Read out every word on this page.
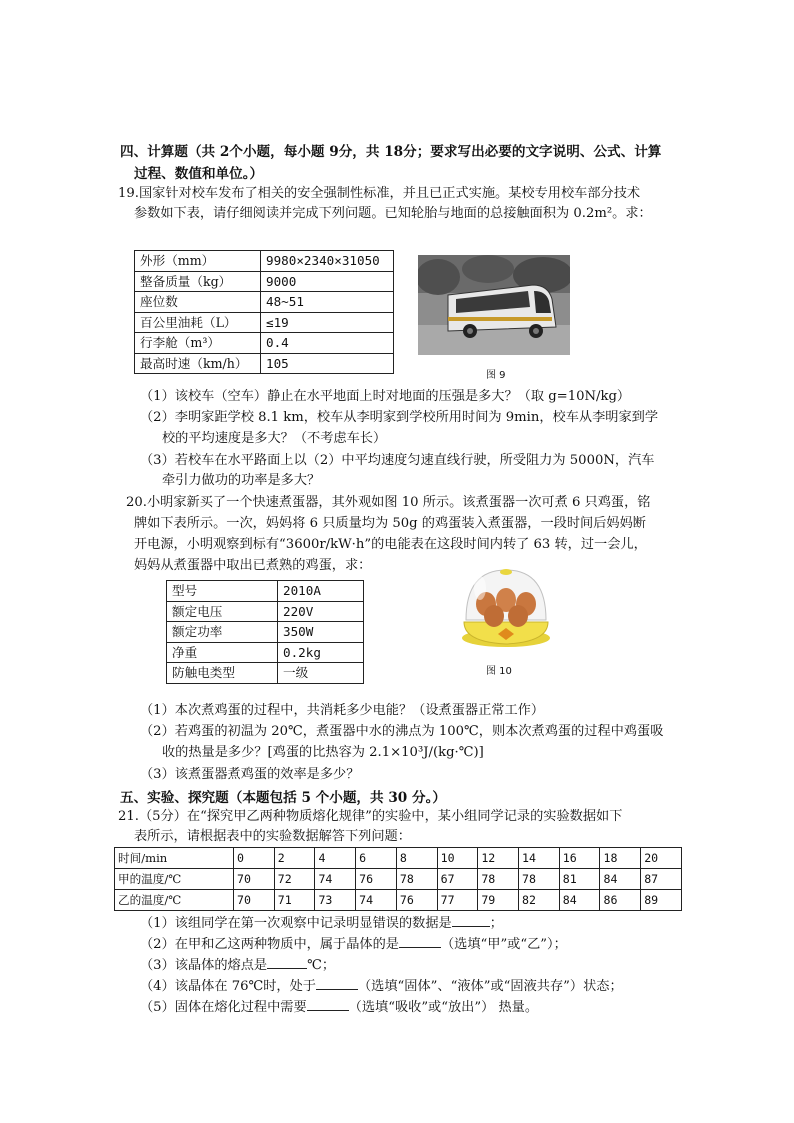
四、计算题（共 2个小题，每小题 9分，共 18分；要求写出必要的文字说明、公式、计算
过程、数值和单位。）
19.国家针对校车发布了相关的安全强制性标准，并且已正式实施。某校专用校车部分技术
参数如下表，请仔细阅读并完成下列问题。已知轮胎与地面的总接触面积为 0.2m²。求：
外形（mm）	9980×2340×31050
整备质量（kg）	9000
座位数	48~51
百公里油耗（L）	≤19
行李舱（m³）	0.4
最高时速（km/h）	105
图 9
（1）该校车（空车）静止在水平地面上时对地面的压强是多大？（取 g=10N/kg）
（2）李明家距学校 8.1 km，校车从李明家到学校所用时间为 9min，校车从李明家到学
校的平均速度是多大？（不考虑车长）
（3）若校车在水平路面上以（2）中平均速度匀速直线行驶，所受阻力为 5000N，汽车
牵引力做功的功率是多大？
20.小明家新买了一个快速煮蛋器，其外观如图 10 所示。该煮蛋器一次可煮 6 只鸡蛋，铭
牌如下表所示。一次，妈妈将 6 只质量均为 50g 的鸡蛋装入煮蛋器，一段时间后妈妈断
开电源，小明观察到标有“3600r/kW·h”的电能表在这段时间内转了 63 转，过一会儿，
妈妈从煮蛋器中取出已煮熟的鸡蛋，求：
型号	2010A
额定电压	220V
额定功率	350W
净重	0.2kg
防触电类型	一级	图 10
（1）本次煮鸡蛋的过程中，共消耗多少电能？（设煮蛋器正常工作）
（2）若鸡蛋的初温为 20℃，煮蛋器中水的沸点为 100℃，则本次煮鸡蛋的过程中鸡蛋吸
收的热量是多少？[鸡蛋的比热容为 2.1×10³J/(kg·℃)]
（3）该煮蛋器煮鸡蛋的效率是多少？
五、实验、探究题（本题包括 5 个小题，共 30 分。）
21.（5分）在“探究甲乙两种物质熔化规律”的实验中，某小组同学记录的实验数据如下
表所示，请根据表中的实验数据解答下列问题：
时间/min	0	2	4	6	8	10	12	14	16	18	20
甲的温度/℃	70	72	74	76	78	67	78	78	81	84	87
乙的温度/℃	70	71	73	74	76	77	79	82	84	86	89
（1）该组同学在第一次观察中记录明显错误的数据是	；
（2）在甲和乙这两种物质中，属于晶体的是	（选填“甲”或“乙”）；
（3）该晶体的熔点是	℃；
（4）该晶体在 76℃时，处于	（选填“固体”、“液体”或“固液共存”）状态；
（5）固体在熔化过程中需要	（选填“吸收”或“放出”） 热量。
